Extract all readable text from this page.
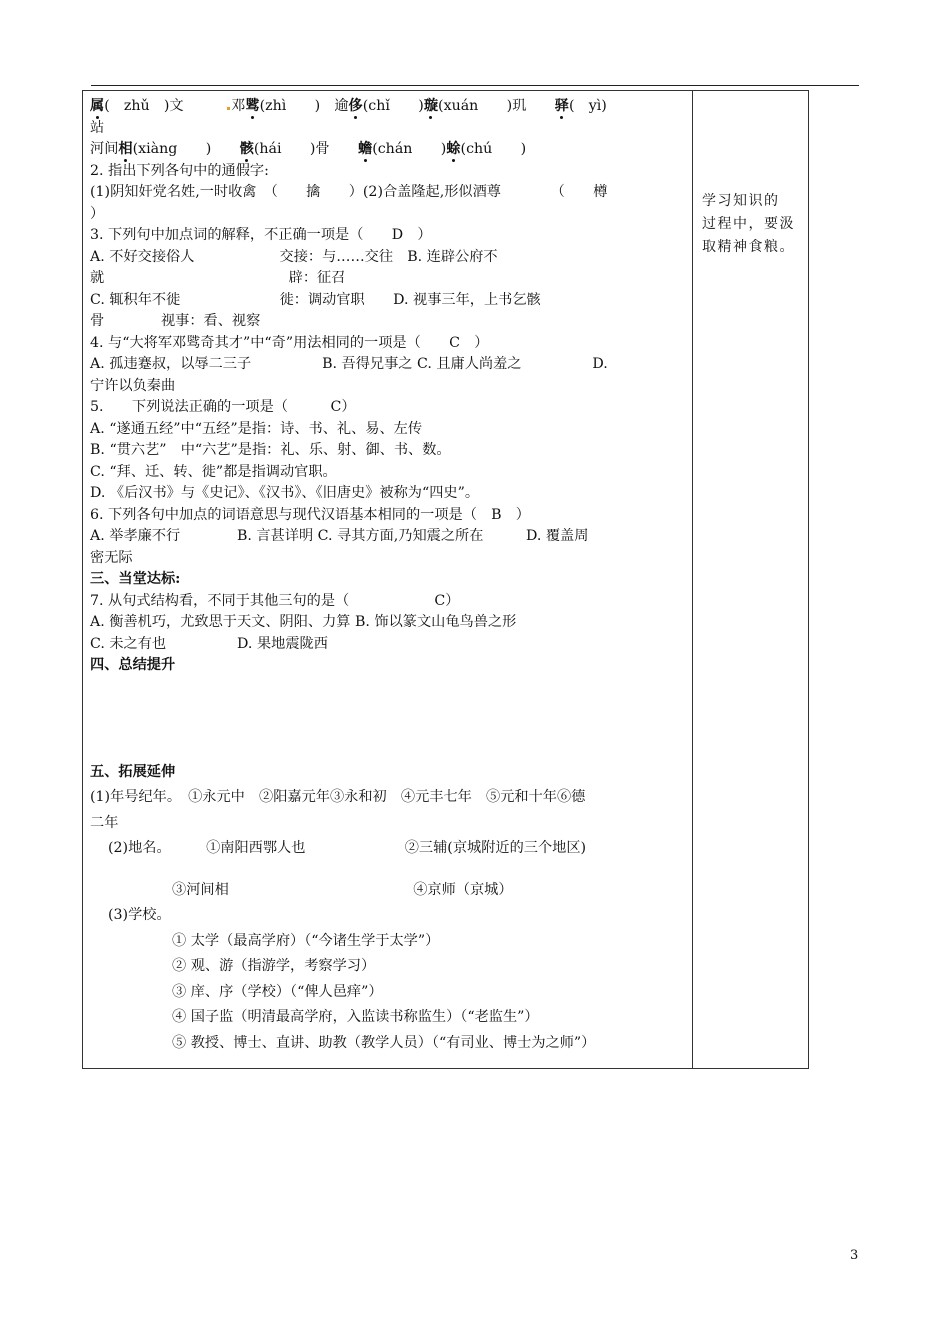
属(　zhǔ　)文　　　邓骘(zhì　　)　逾侈(chǐ　　)璇(xuán　　)玑　　驿(　yì)
站
河间相(xiàng　　)　　骸(hái　　)骨　　蟾(chán　　)蜍(chú　　)
2. 指出下列各句中的通假字:
(1)阴知奸党名姓,一时收禽　（　　擒　　）(2)合盖隆起,形似酒尊　　　　（　　樽
）
3. 下列句中加点词的解释，不正确一项是（　　D　）
A. 不好交接俗人　　　　　　交接：与……交往　B. 连辟公府不
就　　　　　　　　　　　　　辟：征召
C. 辄积年不徙　　　　　　　徙：调动官职　　D. 视事三年，上书乞骸
骨　　　　视事：看、视察
4. 与“大将军邓骘奇其才”中“奇”用法相同的一项是（　　C　）
A. 孤违蹇叔，以辱二三子　　　　　B. 吾得兄事之 C. 且庸人尚羞之　　　　　D.
宁许以负秦曲
5.　　下列说法正确的一项是（　　　C）
A. “遂通五经”中“五经”是指：诗、书、礼、易、左传
B. “贯六艺”　中“六艺”是指：礼、乐、射、御、书、数。
C. “拜、迁、转、徙”都是指调动官职。
D. 《后汉书》与《史记》、《汉书》、《旧唐史》被称为“四史”。
6. 下列各句中加点的词语意思与现代汉语基本相同的一项是（　B　）
A. 举孝廉不行　　　　B. 言甚详明 C. 寻其方面,乃知震之所在　　　D. 覆盖周
密无际
三、当堂达标:
7. 从句式结构看，不同于其他三句的是（　　　　　　C）
A. 衡善机巧，尤致思于天文、阴阳、力算 B. 饰以篆文山龟鸟兽之形
C. 未之有也　　　　　D. 果地震陇西
四、总结提升
五、拓展延伸
(1)年号纪年。　①永元中　②阳嘉元年③永和初　④元丰七年　⑤元和十年⑥德
二年
(2)地名。　　　①南阳西鄂人也　　　　　　　②三辅(京城附近的三个地区)
③河间相　　　　　　　　　　　　　④京师（京城）
(3)学校。
① 太学（最高学府）（“今诸生学于太学”）
② 观、游（指游学，考察学习）
③ 庠、序（学校）（“俾人邑痒”）
④ 国子监（明清最高学府，入监读书称监生）（“老监生”）
⑤ 教授、博士、直讲、助教（教学人员）（“有司业、博士为之师”）
学习知识的
过程中，要汲
取精神食粮。
3
